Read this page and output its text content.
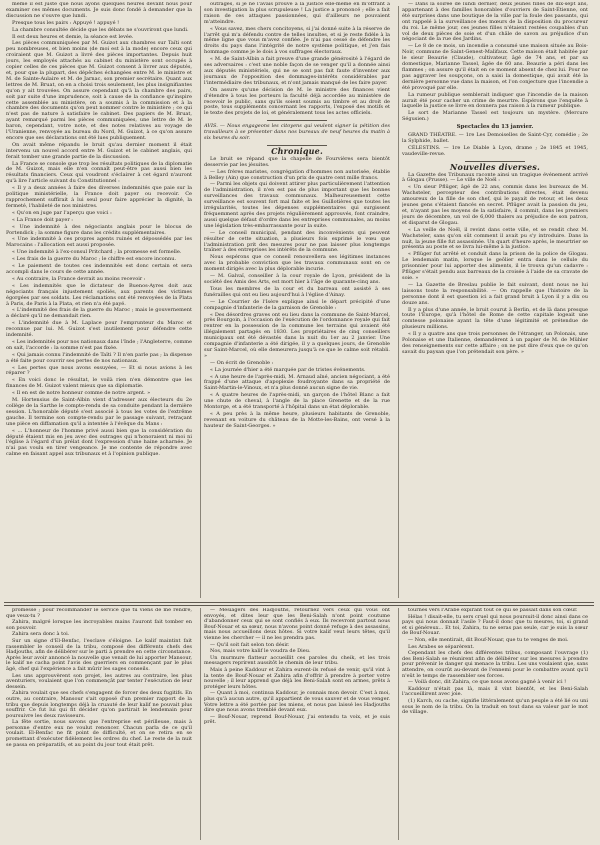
même il est juste que nous ayons quelques heures devant nous pour examiner ces mêmes documents. Je suis donc fondé à demander que la discussion ne s'ouvre que lundi.

Presque tous les pairs : Appuyé ! appuyé !

La chambre consultée décide que les débats ne s'ouvriront que lundi.

Il est deux heures et demie, la séance est levée.

Les pièces communiquées par M. Guizot aux chambres sur Taïti sont peu nombreuses, et bien moins (de moi est à la mode) encore ceux qui croiraient que M. Guizot a livré des pièces importantes. Depuis huit jours, les employés attachés au cabinet du ministère sont occupés à copier celles de ces pièces que M. Guizot consent à livrer aux députés, et, pour que la plupart, des dépêches échangées entre M. le ministre et M. de Sainte-Aulaire et M. de Jarnac, son premier secrétaire. Quant aux lettres de M. Bruat, on en a choisi trois seulement, les plus insignifiantes qu'on y ait trouvées. On assure cependant qu'à la chambre des pairs, soit par suite d'une imprudence, soit à cause de la confiance qu'inspire cette assemblée au ministère, on a soumis à la commission et à la chambre des documents qu'on peut nommer contre le ministère ; ce qui n'est pas de nature à satisfaire le cabinet. Des papiers de M. Bruat, ayant remarqué parmi les pièces communiquées, une lettre de M. le baron, cependant, votre note, et des notes relatives au voyage de l'Uranienne, renvoyée au bureau du Nord, M. Guizot, à ce qu'on assure encore que ses déclarations ont été lues publiquement.

On avait même répandu le bruit qu'au dernier moment il était intervenu un nouvel accord entre M. Guizot et le cabinet anglais, qui ferait tomber une grande partie de la discussion.

La France se console que trop les résultats politiques de la diplomatie de M. Guizot, mais elle n'en connaît peut-être pas aussi bien les résultats financiers. Ceux qui voudront s'éclairer à cet égard n'auront qu'à lire l'article suivant du Constitutionnel :

« Il y a deux années à faire des diverses indemnités que paie sur la politique ministérielle, la France doit payer ou recevoir. Ce rapprochement suffirait à lui seul pour faire apprécier la dignité, la fermeté, l'habileté de nos ministres.

« Qu'on en juge par l'aperçu que voici :

« La France doit payer :

« Une indemnité à des négociants anglais pour le blocus de Portendick ; la somme figure dans les crédits supplémentaires.

« Une indemnité à ces propres agents ruinés et dépossédés par les Marocains : l'allocation est aussi proposée.

« Une indemnité à l'ex-consul Pritchard ; la promesse est formelle.

« Les frais de la guerre du Maroc ; le chiffre est encore inconnu.

« Le paiement de toutes ces indemnités est donc certain et sera accompli dans le cours de cette année.

« Au contraire, la France devrait au moins recevoir :

« Les indemnités que le dictateur de Buenos-Ayres doit aux négociants français injustement spoliés, aux parents des victimes égorgées par ses soldats. Les réclamations ont été renvoyées de la Plata à Paris, de Paris à la Plata, et rien n'a été payé.

« L'indemnité des frais de la guerre du Maroc ; mais le gouvernement a déclaré qu'il ne demandait rien.

« L'indemnité due à M. Laplace pour l'emprunteur du Maroc et reconnue par lui. M. Guizot s'est inutilement pour défendre cette indemnité.

« Les indemnités pour nos nationaux dans l'Inde ; l'Angleterre, comme on sait, l'accorde : la somme n'est pas fixée.

« Qui jamais connu l'indemnité de Taïti ? Il n'en parle pas ; la dispense a été faite pour couvrir ses pertes de nos nationaux.

« Les pertes que nous avons essuyées, — Et si nous avions à les réparer ?

« En voici donc le résultat, le voilà rien n'en démontre que les finances de M. Guizot valent mieux que sa diplomatie.

« Il en est de notre honneur comme de notre argent. »

M. Hortensius de Saint-Albin vient d'adresser aux électeurs du 2e collège de la Sarthe le compte-rendu de sa conduite pendant la dernière session. L'honorable député s'est associé à tous les votes de l'extrême gauche. Il termine son compte-rendu par le passage suivant, retraçant une pièce en diffamation qu'il a intentée à l'évêque du Mans :

« ... L'honneur de l'homme privé aussi bien que la considération du député étaient mis en jeu avec des outrages qui n'honoraient ni moi ni l'église à l'égard d'un prélat dont l'expression d'une haine acharnée. Je n'ai pas voulu en tirer vengeance. Je me contente de répondre avec calme en faisant appel aux tribunaux et à l'opinion publique.

outrages, si je ne l'avais prouvé à la justice elle-même en m'offrant à son investigation la plus scrupuleuse ! La justice a prononcé ; elle a fait raison de ces attaques passionnées, qui d'ailleurs ne pouvaient m'atteindre.

« Vous savez, mes chers concitoyens, si j'ai donné suite à la réserve de l'arrêt qui m'a défendu contre de telles insultes, et si je reste fidèle à la même ligne que vous m'avez confiée. Je n'ai pas cessé de défendre les droits du pays dans l'intégrité de notre système politique, et j'en fais hommage comme je le dois à vos suffrages électoraux.

« M. de Saint-Albin a fait preuve d'une grande générosité à l'égard de ses adversaires : c'est une noble façon de se venger qu'il a donnée ainsi aux députés ministériels, qui ne se sont pas fait faute d'inventer aux journaux de l'opposition des dommages-intérêts considérables par l'intermédiaire des tribunaux, et n'ont jamais manqué de les faire payer.

On assure qu'une décision de M. le ministre des finances vient d'étendre à tous les porteurs la faculté déjà accordée au ministère de recevoir le public, sans qu'ils soient soumis au timbre et au droit de poste, tous suppléments concernant les rapports, l'exposé des motifs et le texte des projets de loi, et généralement tous les actes officiels.

AVIS. — Nous engageons les citoyens qui veulent signer la pétition des travailleurs à se présenter dans nos bureaux de neuf heures du matin à six heures du soir.

Chronique.

Le bruit se répand que la chapelle de Fourvières sera bientôt desservie par les jésuites.

— Les frères maristes, congrégation d'hommes non autorisée, établie à Belley (Ain) que construction d'un prix de quatre cent mille francs.

— Parmi les objets qui doivent attirer plus particulièrement l'attention de l'administration, il n'en est pas de plus important que les bonnes surveillances des travaux communaux. Malheureusement cette surveillance est souvent fort mal faite et les Guillotières que toutes les irrégularités, toutes les dépenses supplémentaires qui surgissent fréquemment après des projets régulièrement approuvés, font craindre, aussi quelque défaut d'ordre dans les entreprises communales, au moins une législation très-embarrassante pour la suite.

— Le conseil municipal, pendant des inconvénients qui peuvent résulter de cette situation, a plusieurs fois exprimé le vœu que l'administration prit des mesures pour ne pas laisser plus longtemps traîner à des entreprises les intérêts de la commune.

Nous espérons que ce conseil renouvellera ses légitimes instances avec la probable conviction que les travaux communaux sont en ce moment dirigés avec la plus déplorable incurie.

— M. Galvaï, conseiller à la cour royale de Lyon, président de la société des Amis des Arts, est mort hier à l'âge de quarante-cinq ans.

Tous les membres de la cour et du barreau ont assisté à ses funérailles qui ont eu lieu aujourd'hui à l'église d'Ainay.

— Le Courrier de l'Isère explique ainsi le départ précipité d'une compagnie d'infanterie de la garnison de Grenoble :

« Des désordres graves ont eu lieu dans la commune de Saint-Marcel, près Bourgoin, à l'occasion de l'exécution de l'ordonnance royale qui fait rentrer en la possession de la commune les terrains qui avaient été illégalement partagés en 1830. Les propriétaires de cinq conseillers municipaux ont été dévastés dans la nuit du 1er au 2 janvier. Une compagnie d'infanterie a été dirigée, il y a quelques jours, de Grenoble sur Saint-Marcel, où elle demeurera jusqu'à ce que le calme soit rétabli. »

— On écrit de Grenoble :

« La journée d'hier a été marquée par de tristes événements.

« A une heure de l'après-midi, M. Arnaud aîné, ancien négociant, a été frappé d'une attaque d'apoplexie foudroyante dans sa propriété de Saint-Martin-le-Vinoux, et n'a plus donné aucun signe de vie.

« A quatre heures de l'après-midi, un garçon de l'hôtel Blanc a fait une chute de cheval, à l'angle de la place Grenette et de la rue Montorge, et a été transporté à l'hôpital dans un état déplorable.

« A peu près à la même heure, plusieurs habitants de Grenoble, revenant en voiture du château de la Motte-les-Bains, ont versé à la hauteur de Saint-Georges. »

— Dans la soirée de lundi dernier, deux jeunes filles de dix-sept ans, appartenant à des familles honorables d'ouvriers de Saint-Étienne, ont été surprises dans une boutique de la ville par la foule des passants, qui ont rappelé à la surveillance des mœurs de la disposition du procureur du roi. Le même jour, ces jeunes filles n'étaient restées coupables d'un vol de deux pièces de soie et d'un châle de savon au préjudice d'un négociant de la rue des Jardins.

— Le 8 de ce mois, un incendie a consumé une maison située au Bois-Noir, commune de Saint-Genest-Malifaux. Cette maison était habitée par le sieur Beaurie (Claude), cultivateur, âgé de 74 ans, et par sa domestique, Marianne Tassel, âgée de 60 ans. Beaurie a péri dans les flammes ; on assure qu'il était en ce moment absent de chez lui. Pour ne pas aggraver les soupçons, on a saisi la domestique, qui avait été la dernière personne vue dans la maison, et l'on conjecture que l'incendie a été provoqué par elle.

La rumeur publique semblerait indiquer que l'incendie de la maison aurait été pour cacher un crime de meurtre. Espérons que l'enquête à laquelle la justice se livre en donnera pas raison à la rumeur publique.

Le sort de Marianne Tassel est toujours un mystère. (Mercure Ségusien.)

Spectacles du 13 janvier.

GRAND THÉATRE. — 1re Les Demoiselles de Saint-Cyr, comédie ; 2e la Sylphide, ballet.

CÉLESTINS. — 1re Le Diable à Lyon, drame ; 2e 1845 et 1945, vaudeville-revue.

Nouvelles diverses.

La Gazette des Tribunaux raconte ainsi un tragique événement arrivé à Glogau (Prusse). — Le ville de Noël :

« Un sieur Pflüger, âgé de 22 ans, commis dans les bureaux de M. Wachsteler, percepteur des contributions directes, était devenu amoureux de la fille de son chef, qui le payait de retour, et les deux jeunes gens s'étaient fiancés en secret. Pflüger avait la passion du jeu, et, n'ayant pas les moyens de la satisfaire, il commit, dans les premiers jours de décembre, un vol de 6,000 thalers au préjudice de son patron, et disparut de Glogau.

« La veille de Noël, il revint dans cette ville, et se rendit chez M. Wachsteler, sans qu'on sût comment il avait pu s'y introduire. Dans la nuit, la jeune fille fut assassinée. Un quart d'heure après, le meurtrier se présenta au poste et se livra lui-même à la justice.

« Pflüger fut arrêté et conduit dans la prison de la police de Glogau. Le lendemain matin, lorsque le geôlier entra dans le cellule du prisonnier pour lui apporter des aliments, il le trouva qu'un cadavre : Pflüger s'était pendu aux barreaux de la croisée à l'aide de sa cravate de soie. »

— La Gazette de Breslau publie le fait suivant, dont nous ne lui laissons toute la responsabilité. — On rappelle que l'histoire de la personne dont il est question ici a fait grand bruit à Lyon il y a dix ou douze ans.

Il y a plus d'une année, le bruit courut à Berlin, et de là dans presque toute l'Europe, qu'à l'hôtel de Rome de cette capitale logeait une comtesse polonaise ayant la tête d'une légitimité et prétendue de plusieurs millions.

« Il y a quatre ans que trois personnes de l'étranger, un Polonais, une Polonaise et une Italienne, demandèrent à un papier de M. de Mühler des renseignements sur cette affaire ; on ne put dire d'eux que ce qu'on savait du paysan que l'on prétendait son père. »

promesse ; pour recommander le service que tu viens de me rendre, que veux-tu ?

Zahira, malgré lorsque les incroyables mains l'auront fait tomber en son pouvoir.

Zahira sera donc à toi.

Sur un signe d'El-Benfac, l'esclave s'éloigne. Le kalif maintint fait rassembler le conseil de la tribu, composé des différents chefs des Hadjouths, afin de délibérer sur le parti à prendre en cette circonstance. Après leur avoir annoncé la nouvelle que venait de lui apporter Mansour, le kalif ne cacha point l'avis des guerriers en commençant par le plus âgé, chef qui l'expérience a fait mûrir les sages conseils.

Les uns approuvèrent son projet, les autres au contraire, les plus aventuriers, voulaient que l'on commençât par tenter l'exécution de leur dessein.

Zahira voulait que ses chefs s'engagent de forcer des deux fugitifs. En outre, au contraire, Mansour s'ait opposé d'un premier rapport de la tribu que depuis longtemps déjà la cruauté de leur kalif ne pouvait plus souffrir. Ce fut lui qui fit décider qu'on partirait le lendemain pour poursuivre les deux ravisseurs.

La fête sortie, nous savons que l'entreprise est périlleuse, mais à personne d'entre eux ne voulut renoncer. Chacun parla de ce qu'il voulait. El-Benfac ne fit point de difficulté, et on se retira en se promettant d'exécuter fidèlement les ordres du chef. Le reste de la nuit se passa en préparatifs, et au point du jour tout était prêt.

— Mesiagers des Hadjouths, retournez vers ceux qui vous ont envoyés, et dites leur que les Beni-Salah n'ont point coutume d'abandonner ceux qui se sont confiés à eux. Ils recevront partout nous Bouf-Nouar et sa sœur, nous n'avons point donné refuge à des assassins, mais nous accueillons deux hôtes. Si votre kalif veut leurs têtes, qu'il vienne les chercher — il ne les prendra pas.

— Qu'il soit fait selon ton désir.

Nos, mais votre kalif le voudra de Dieu.

Un murmure flatteur accueillit ces paroles du cheik, et les trois messagers reprirent aussitôt le chemin de leur tribu.

Mais à peine Kaddour et Zahira eurent-ils refusé de venir, qu'il vint à la tente de Bouf-Nouar et Zahira afin d'offrir à prendre à porter votre nouvelle ; il leur apprend que déjà les Beni-Salah sont en armes, prêts à protéger leurs hôtes.

— Quant à moi, continua Kaddour, je connais mon devoir. C'est à moi, plus qu'à aucun autre, qu'il appartient de vous sauver et de vous venger. Votre lettre a été portée par les miens, et nous pas laissé les Hadjouths dire que nous avons tremblé devant eux.

— Bouf-Nouar, reprend Bouf-Nouar, j'ai entendu ta voix, et je suis prêt.

tournés vers l'Arabe expirant tout ce qui se passait dans son cœur.

Hélas ! disait-elle, tu sers cruel qui nous poursuit-il donc ainsi dans ce pays qui nous donnait l'asile ? Faut-il donc que tu meures, toi, si grand et si généreux... Et toi, Zahira, tu ne seras pas seule, car je suis la sœur de Bouf-Nouar.

— Non, elle mentirait, dit Bouf-Nouar, que tu te venges de moi.

Les Arabes se séparèrent.

Cependant les chefs des différentes tribus, composant l'ouvrage (1) des Beni-Salah se réunirent afin de délibérer sur les mesures à prendre pour prévenir le danger qui menace la tribu. Les uns voulaient que, sans attendre, on courût au-devant de l'ennemi pour le combattre avant qu'il n'eût le temps de rassembler ses forces.

— Voilà donc, dit Zahira, ce que nous avons gagné à venir ici !

Kaddour n'était pas là, mais il vint bientôt, et les Beni-Salah l'accueillirent avec joie.

(1) Karch, ou cache, signifie littéralement qu'un peuple a été lié ou uni sous le nom de la tribu. On la traduit en tout dans sa valeur par le mot de village.
